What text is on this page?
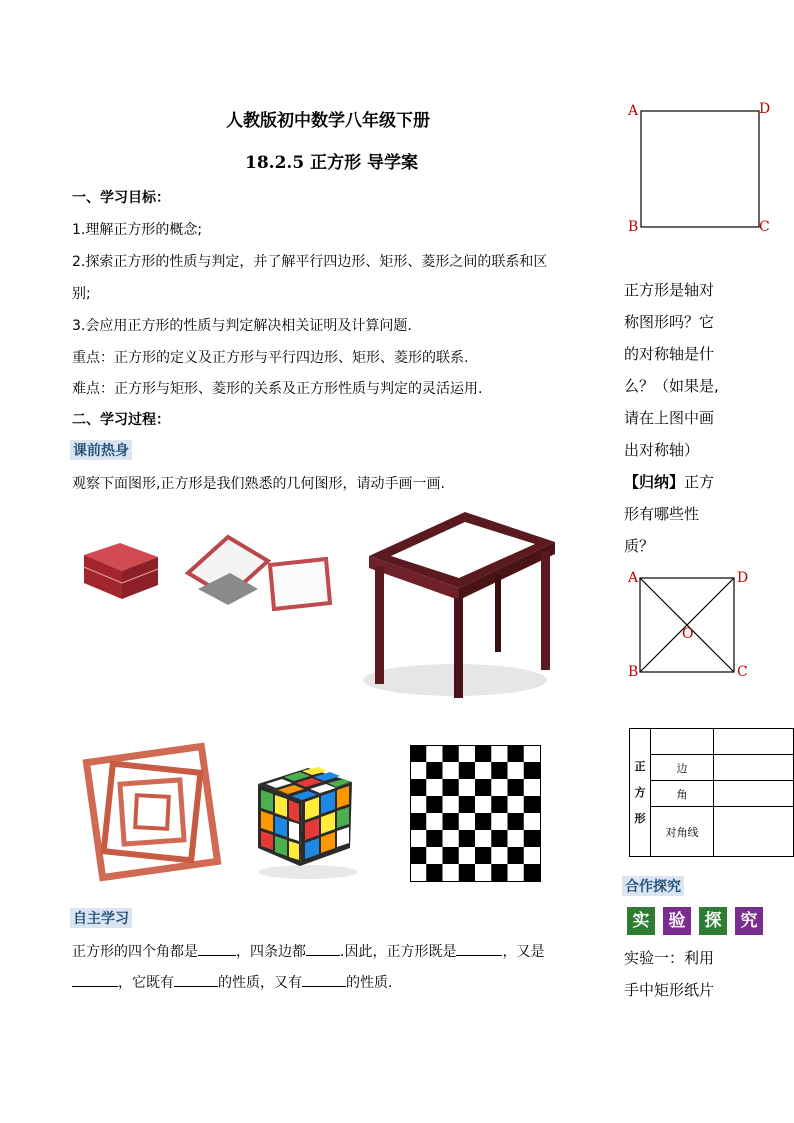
人教版初中数学八年级下册
18.2.5 正方形 导学案
一、学习目标：
1.理解正方形的概念;
2.探索正方形的性质与判定，并了解平行四边形、矩形、菱形之间的联系和区
别;
3.会应用正方形的性质与判定解决相关证明及计算问题.
重点：正方形的定义及正方形与平行四边形、矩形、菱形的联系.
难点：正方形与矩形、菱形的关系及正方形性质与判定的灵活运用.
二、学习过程：
课前热身
观察下面图形,正方形是我们熟悉的几何图形，请动手画一画.
自主学习
正方形的四个角都是	，四条边都 .因此，正方形既是	，又是
，它既有	的性质，又有	的性质.
A	D
B	C
正方形是轴对
称图形吗？它
的对称轴是什
么？（如果是,
请在上图中画
出对称轴）
【归纳】正方
形有哪些性
质？
A	D
B	C
O
正
方
形		

	边	
	角	
	对角线	
合作探究
实 验 探 究
实验一：利用
手中矩形纸片
